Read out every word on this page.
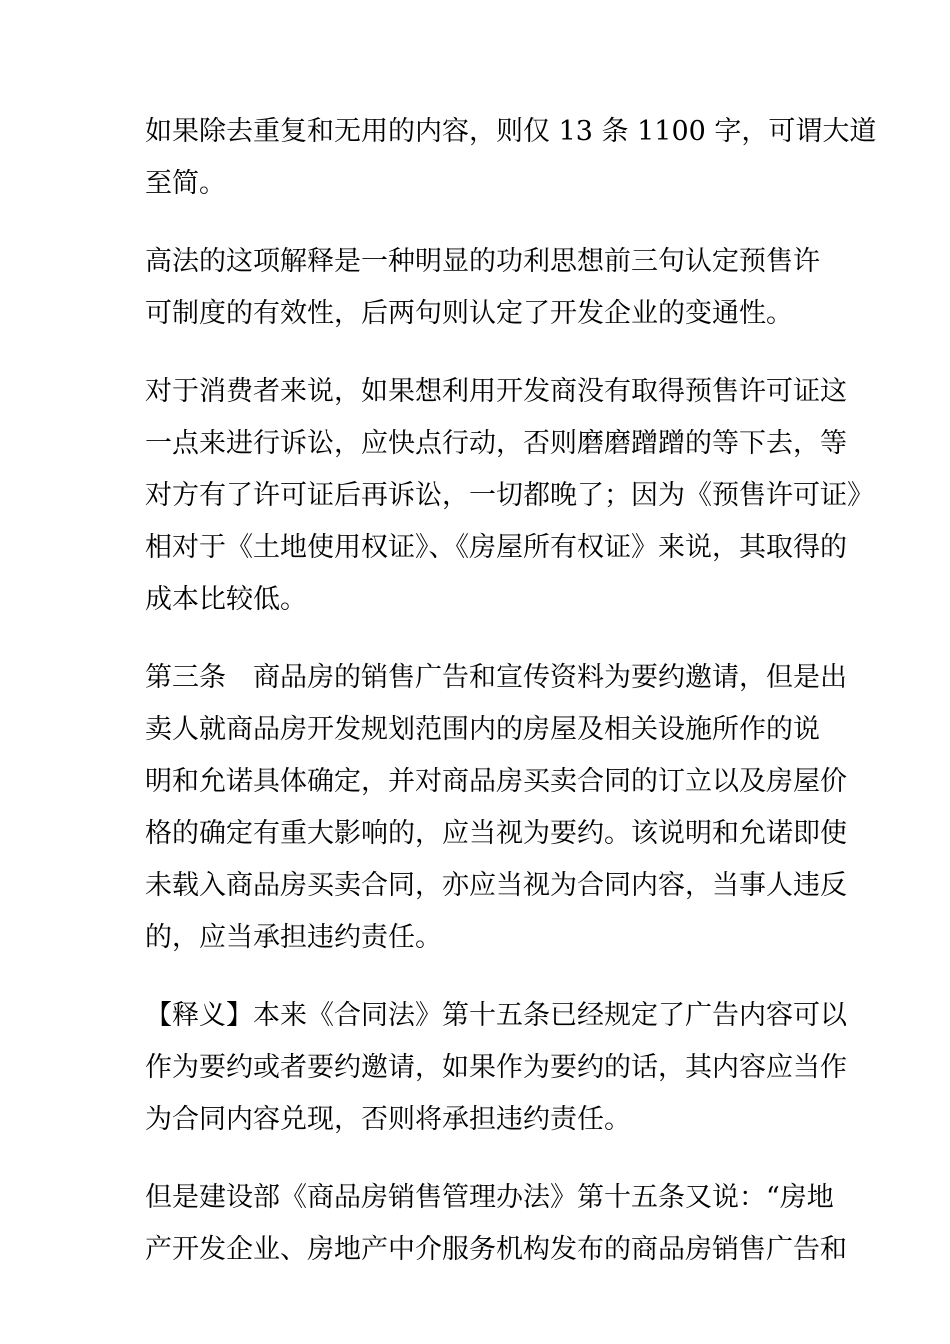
如果除去重复和无用的内容，则仅 13 条 1100 字，可谓大道
至简。
高法的这项解释是一种明显的功利思想前三句认定预售许
可制度的有效性，后两句则认定了开发企业的变通性。
对于消费者来说，如果想利用开发商没有取得预售许可证这
一点来进行诉讼，应快点行动，否则磨磨蹭蹭的等下去，等
对方有了许可证后再诉讼，一切都晚了；因为《预售许可证》
相对于《土地使用权证》、《房屋所有权证》来说，其取得的
成本比较低。
第三条　商品房的销售广告和宣传资料为要约邀请，但是出
卖人就商品房开发规划范围内的房屋及相关设施所作的说
明和允诺具体确定，并对商品房买卖合同的订立以及房屋价
格的确定有重大影响的，应当视为要约。该说明和允诺即使
未载入商品房买卖合同，亦应当视为合同内容，当事人违反
的，应当承担违约责任。
【释义】本来《合同法》第十五条已经规定了广告内容可以
作为要约或者要约邀请，如果作为要约的话，其内容应当作
为合同内容兑现，否则将承担违约责任。
但是建设部《商品房销售管理办法》第十五条又说：“房地
产开发企业、房地产中介服务机构发布的商品房销售广告和
